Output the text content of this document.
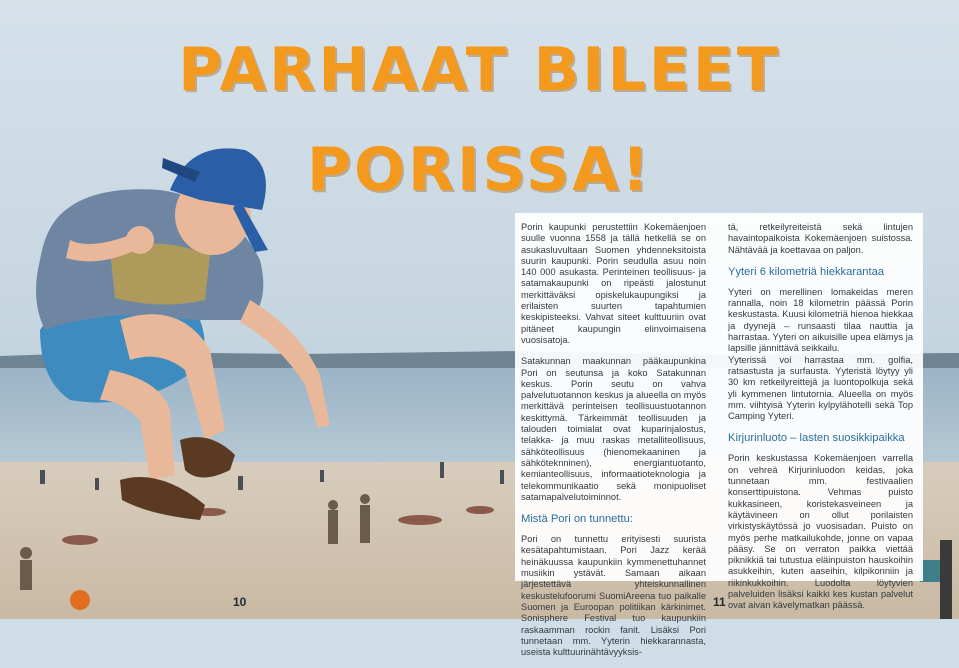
PARHAAT BILEET
PORISSA!

Porin kaupunki perustettiin Kokemäenjoen suulle vuonna 1558 ja tällä hetkellä se on asukasluvultaan Suomen yhdenneksitoista suurin kaupunki. Porin seudulla asuu noin 140 000 asukasta. Perinteinen teollisuus- ja satamakaupunki on ripeästi jalostunut merkittäväksi opiskelukaupungiksi ja erilaisten suurten tapahtumien keskipisteeksi. Vahvat siteet kulttuuriin ovat pitäneet kaupungin elinvoimaisena vuosisatoja.

Satakunnan maakunnan pääkaupunkina Pori on seutunsa ja koko Satakunnan keskus. Porin seutu on vahva palvelutuotannon keskus ja alueella on myös merkittävä perinteisen teollisuustuotannon keskittymä. Tärkeimmät teollisuuden ja talouden toimialat ovat kuparinjalostus, telakka- ja muu raskas metalliteollisuus, sähköteollisuus (hienomekaaninen ja sähköteknninen), energiantuotanto, kemianteollisuus, informaatioteknologia ja telekommunikaatio sekä monipuoliset satamapalvelutoiminnot.

Mistä Pori on tunnettu:

Pori on tunnettu erityisesti suurista kesätapahtumistaan. Pori Jazz kerää heinäkuussa kaupunkiin kymmenettuhannet musiikin ystävät. Samaan aikaan järjestettävä yhteiskunnallinen keskustelufoorumi SuomiAreena tuo paikalle Suomen ja Euroopan politiikan kärkinimet. Sonisphere Festival tuo kaupunkiin raskaamman rockin fanit. Lisäksi Pori tunnetaan mm. Yyterin hiekkarannasta, useista kulttuurinähtävyyksis-

tä, retkeilyreiteistä sekä lintujen havaintopaikoista Kokemäenjoen suistossa. Nähtävää ja koettavaa on paljon.

Yyteri 6 kilometriä hiekkarantaa

Yyteri on merellinen lomakeidas meren rannalla, noin 18 kilometrin päässä Porin keskustasta. Kuusi kilometriä hienoa hiekkaa ja dyynejä – runsaasti tilaa nauttia ja harrastaa. Yyteri on aikuisille upea elämys ja lapsille jännittävä seikkailu.

Yyterissä voi harrastaa mm. golfia, ratsastusta ja surfausta. Yyteristä löytyy yli 30 km retkeilyreittejä ja luontopolkuja sekä yli kymmenen lintutornia. Alueella on myös mm. viihtyisä Yyterin kylpylähotelli sekä Top Camping Yyteri.

Kirjurinluoto – lasten suosikkipaikka

Porin keskustassa Kokemäenjoen varrella on vehreä Kirjurinluodon keidas, joka tunnetaan mm. festivaalien konserttipuistona. Vehmas puisto kukkasineen, koristekasveineen ja käytävineen on ollut porilaisten virkistyskäytössä jo vuosisadan. Puisto on myös perhe matkailukohde, jonne on vapaa pääsy. Se on verraton paikka viettää piknikkiä tai tutustua eläinpuiston hauskoihin asukkeihin, kuten aaseihin, kilpikonniin ja riikinkukkoihin. Luodolta löytyvien palveluiden lisäksi kaikki kes kustan palvelut ovat aivan kävelymatkan päässä.

10	11
